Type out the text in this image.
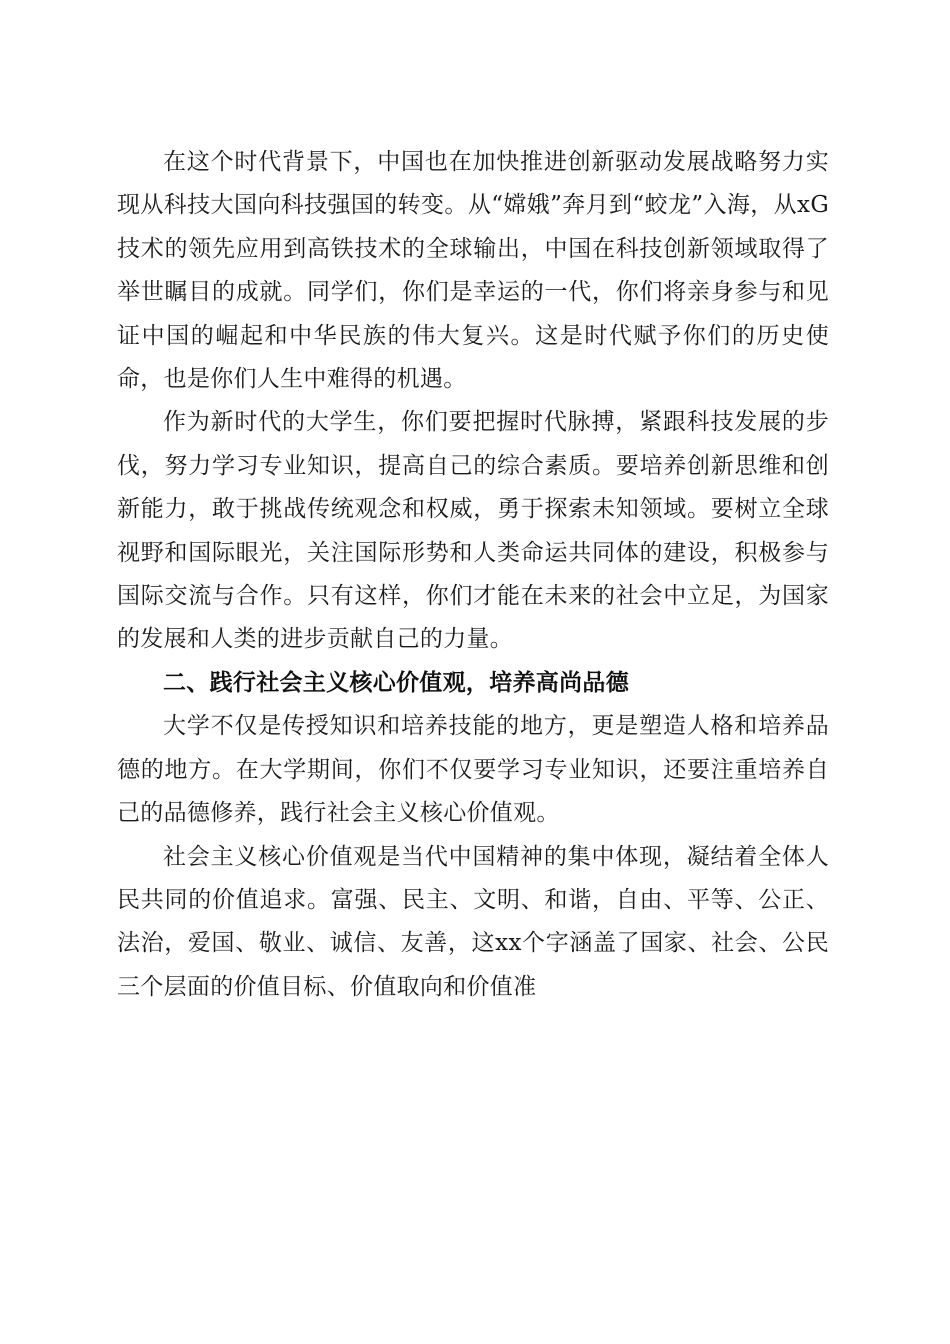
在这个时代背景下，中国也在加快推进创新驱动发展战略努力实现从科技大国向科技强国的转变。从“嫦娥”奔月到“蛟龙”入海，从xG技术的领先应用到高铁技术的全球输出，中国在科技创新领域取得了举世瞩目的成就。同学们，你们是幸运的一代，你们将亲身参与和见证中国的崛起和中华民族的伟大复兴。这是时代赋予你们的历史使命，也是你们人生中难得的机遇。

作为新时代的大学生，你们要把握时代脉搏，紧跟科技发展的步伐，努力学习专业知识，提高自己的综合素质。要培养创新思维和创新能力，敢于挑战传统观念和权威，勇于探索未知领域。要树立全球视野和国际眼光，关注国际形势和人类命运共同体的建设，积极参与国际交流与合作。只有这样，你们才能在未来的社会中立足，为国家的发展和人类的进步贡献自己的力量。

二、践行社会主义核心价值观，培养高尚品德

大学不仅是传授知识和培养技能的地方，更是塑造人格和培养品德的地方。在大学期间，你们不仅要学习专业知识，还要注重培养自己的品德修养，践行社会主义核心价值观。

社会主义核心价值观是当代中国精神的集中体现，凝结着全体人民共同的价值追求。富强、民主、文明、和谐，自由、平等、公正、法治，爱国、敬业、诚信、友善，这xx个字涵盖了国家、社会、公民三个层面的价值目标、价值取向和价值准
